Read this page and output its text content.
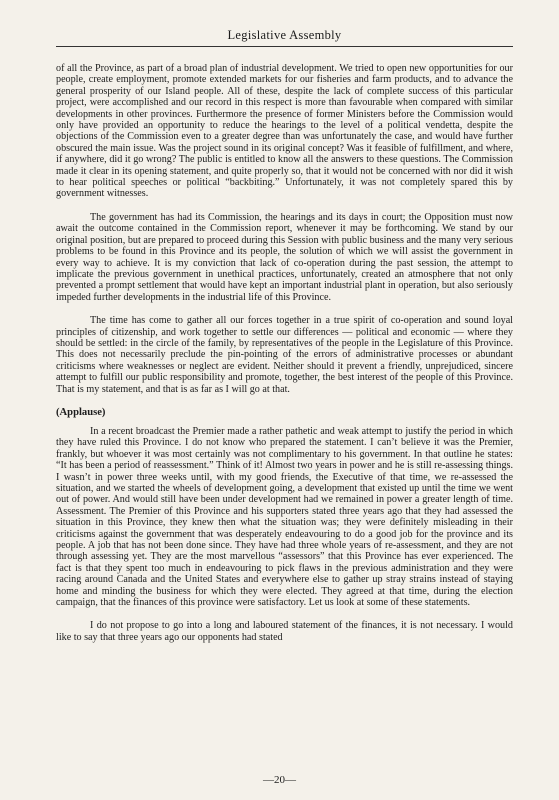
Legislative Assembly

of all the Province, as part of a broad plan of industrial development. We tried to open new opportunities for our people, create employment, promote extended markets for our fisheries and farm products, and to advance the general prosperity of our Island people. All of these, despite the lack of complete success of this particular project, were accomplished and our record in this respect is more than favourable when compared with similar developments in other provinces. Furthermore the presence of former Ministers before the Commission would only have provided an opportunity to reduce the hearings to the level of a political vendetta, despite the objections of the Commission even to a greater degree than was unfortunately the case, and would have further obscured the main issue. Was the project sound in its original concept? Was it feasible of fulfillment, and where, if anywhere, did it go wrong? The public is entitled to know all the answers to these questions. The Commission made it clear in its opening statement, and quite properly so, that it would not be concerned with nor did it wish to hear political speeches or political “backbiting.” Unfortunately, it was not completely spared this by government witnesses.

The government has had its Commission, the hearings and its days in court; the Opposition must now await the outcome contained in the Commission report, whenever it may be forthcoming. We stand by our original position, but are prepared to proceed during this Session with public business and the many very serious problems to be found in this Province and its people, the solution of which we will assist the government in every way to achieve. It is my conviction that lack of co-operation during the past session, the attempt to implicate the previous government in unethical practices, unfortunately, created an atmosphere that not only prevented a prompt settlement that would have kept an important industrial plant in operation, but also seriously impeded further developments in the industrial life of this Province.

The time has come to gather all our forces together in a true spirit of co-operation and sound loyal principles of citizenship, and work together to settle our differences — political and economic — where they should be settled: in the circle of the family, by representatives of the people in the Legislature of this Province. This does not necessarily preclude the pin-pointing of the errors of administrative processes or abundant criticisms where weaknesses or neglect are evident. Neither should it prevent a friendly, unprejudiced, sincere attempt to fulfill our public responsibility and promote, together, the best interest of the people of this Province. That is my statement, and that is as far as I will go at that.

(Applause)

In a recent broadcast the Premier made a rather pathetic and weak attempt to justify the period in which they have ruled this Province. I do not know who prepared the statement. I can’t believe it was the Premier, frankly, but whoever it was most certainly was not complimentary to his government. In that outline he states: “It has been a period of reassessment.” Think of it! Almost two years in power and he is still re-assessing things. I wasn’t in power three weeks until, with my good friends, the Executive of that time, we re-assessed the situation, and we started the wheels of development going, a development that existed up until the time we went out of power. And would still have been under development had we remained in power a greater length of time. Assessment. The Premier of this Province and his supporters stated three years ago that they had assessed the situation in this Province, they knew then what the situation was; they were definitely misleading in their criticisms against the government that was desperately endeavouring to do a good job for the province and its people. A job that has not been done since. They have had three whole years of re-assessment, and they are not through assessing yet. They are the most marvellous “assessors” that this Province has ever experienced. The fact is that they spent too much in endeavouring to pick flaws in the previous administration and they were racing around Canada and the United States and everywhere else to gather up stray strains instead of staying home and minding the business for which they were elected. They agreed at that time, during the election campaign, that the finances of this province were satisfactory. Let us look at some of these statements.

I do not propose to go into a long and laboured statement of the finances, it is not necessary. I would like to say that three years ago our opponents had stated

—20—
